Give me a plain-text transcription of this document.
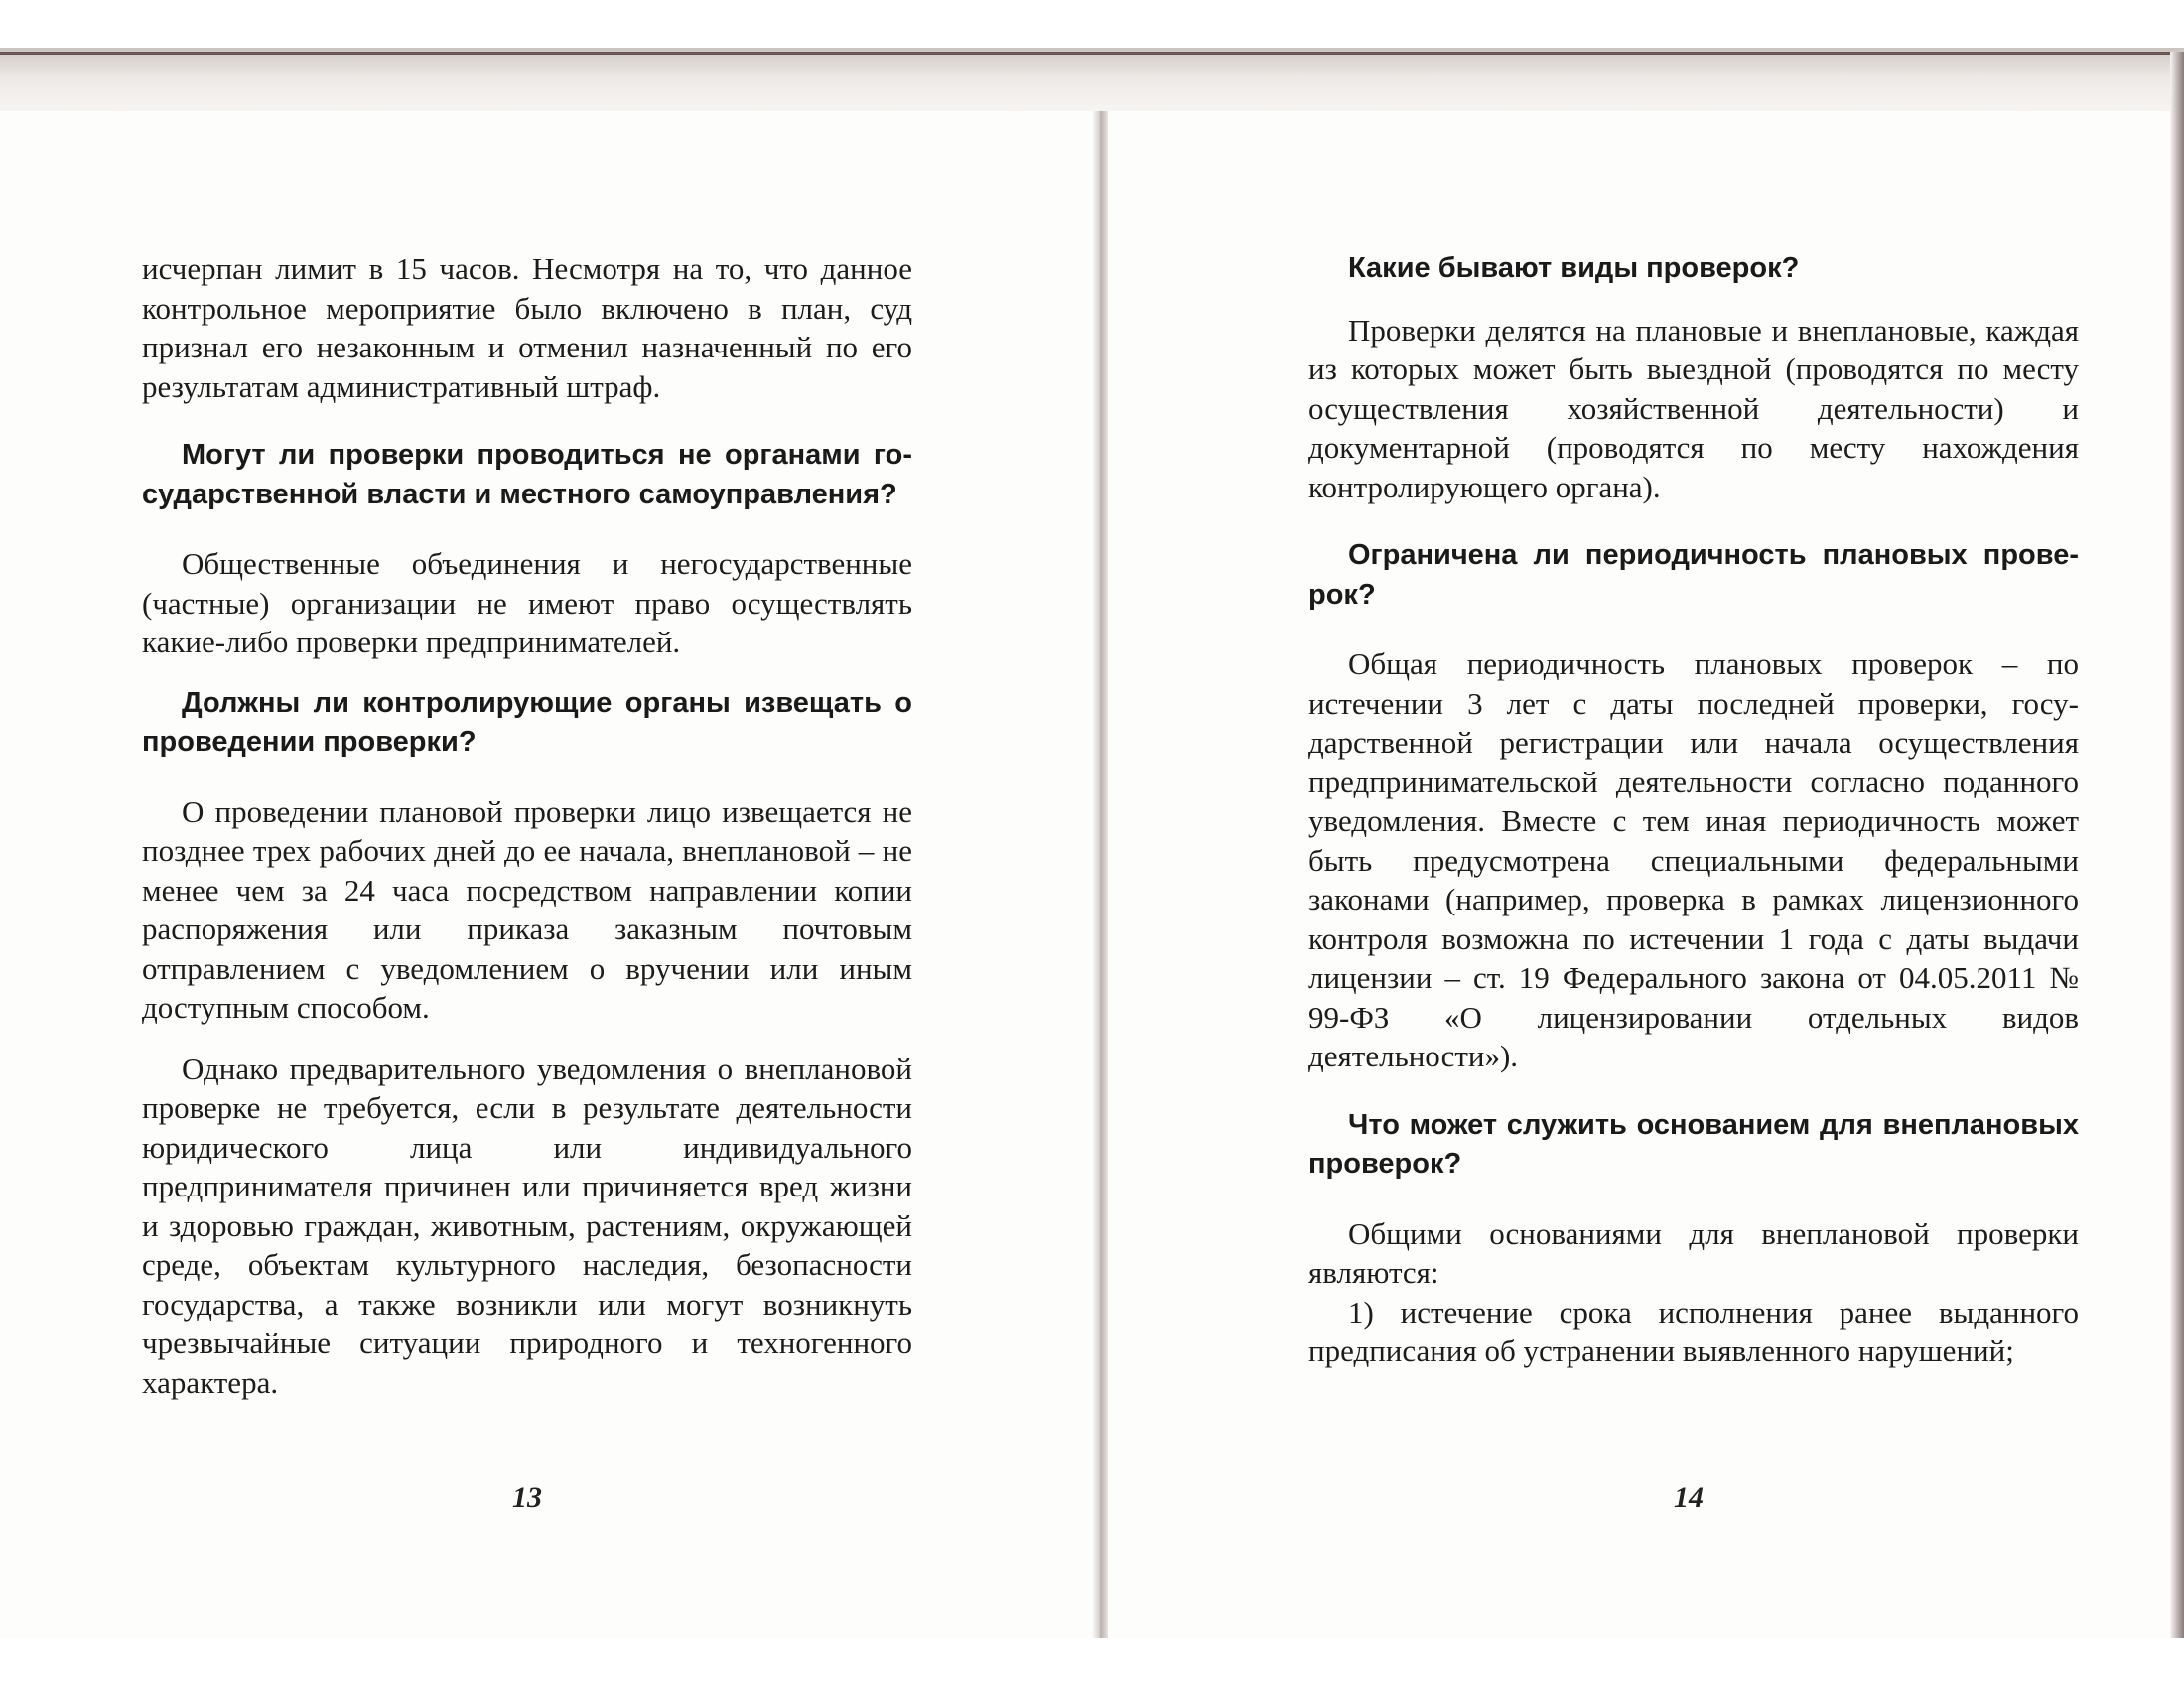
исчерпан лимит в 15 часов. Несмотря на то, что данное контрольное мероприятие было включено в план, суд признал его незаконным и отменил назначенный по его результатам административный штраф.

Могут ли проверки проводиться не органами государственной власти и местного самоуправления?

Общественные объединения и негосударственные (частные) организации не имеют право осуществлять какие-либо проверки предпринимателей.

Должны ли контролирующие органы извещать о проведении проверки?

О проведении плановой проверки лицо извещается не позднее трех рабочих дней до ее начала, внеплановой – не менее чем за 24 часа посредством направлении копии распоряжения или приказа заказным почтовым отправлением с уведомлением о вручении или иным доступным способом.

Однако предварительного уведомления о внеплановой проверке не требуется, если в результате деятельности юридического лица или индивидуального предпринимателя причинен или причиняется вред жизни и здоровью граждан, животным, растениям, окружающей среде, объектам культурного наследия, безопасности государства, а также возникли или могут возникнуть чрезвычайные ситуации природного и техногенного характера.

Какие бывают виды проверок?

Проверки делятся на плановые и внеплановые, каждая из которых может быть выездной (проводятся по месту осуществления хозяйственной деятельности) и документарной (проводятся по месту нахождения контролирующего органа).

Ограничена ли периодичность плановых проверок?

Общая периодичность плановых проверок – по истечении 3 лет с даты последней проверки, государственной регистрации или начала осуществления предпринимательской деятельности согласно поданного уведомления. Вместе с тем иная периодичность может быть предусмотрена специальными федеральными законами (например, проверка в рамках лицензионного контроля возможна по истечении 1 года с даты выдачи лицензии – ст. 19 Федерального закона от 04.05.2011 № 99-ФЗ «О лицензировании отдельных видов деятельности»).

Что может служить основанием для внеплановых проверок?

Общими основаниями для внеплановой проверки являются:

1) истечение срока исполнения ранее выданного предписания об устранении выявленного нарушений;

13	14
